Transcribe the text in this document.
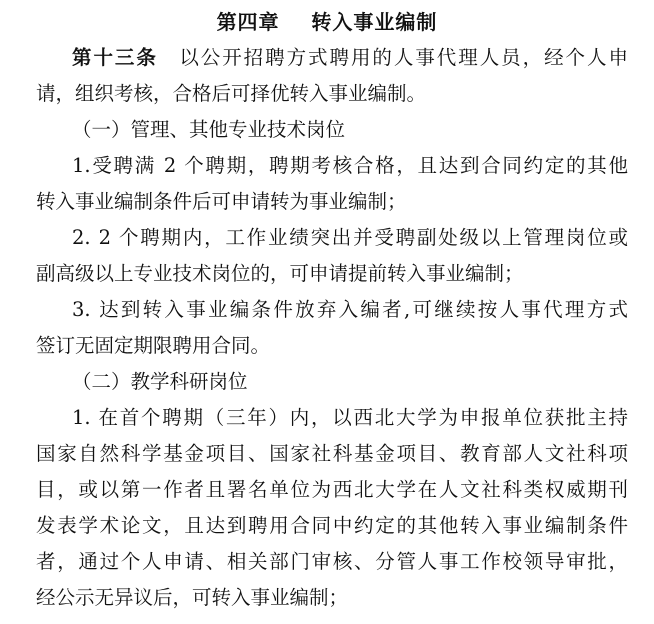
第四章    转入事业编制
第十三条　 以公开招聘方式聘用的人事代理人员，经个人申
请，组织考核，合格后可择优转入事业编制。
（一）管理、其他专业技术岗位
1.受聘满 2 个聘期，聘期考核合格，且达到合同约定的其他
转入事业编制条件后可申请转为事业编制；
2. 2 个聘期内，工作业绩突出并受聘副处级以上管理岗位或
副高级以上专业技术岗位的，可申请提前转入事业编制；
3. 达到转入事业编条件放弃入编者,可继续按人事代理方式
签订无固定期限聘用合同。
（二）教学科研岗位
1. 在首个聘期（三年）内，以西北大学为申报单位获批主持
国家自然科学基金项目、国家社科基金项目、教育部人文社科项
目，或以第一作者且署名单位为西北大学在人文社科类权威期刊
发表学术论文，且达到聘用合同中约定的其他转入事业编制条件
者，通过个人申请、相关部门审核、分管人事工作校领导审批，
经公示无异议后，可转入事业编制；
